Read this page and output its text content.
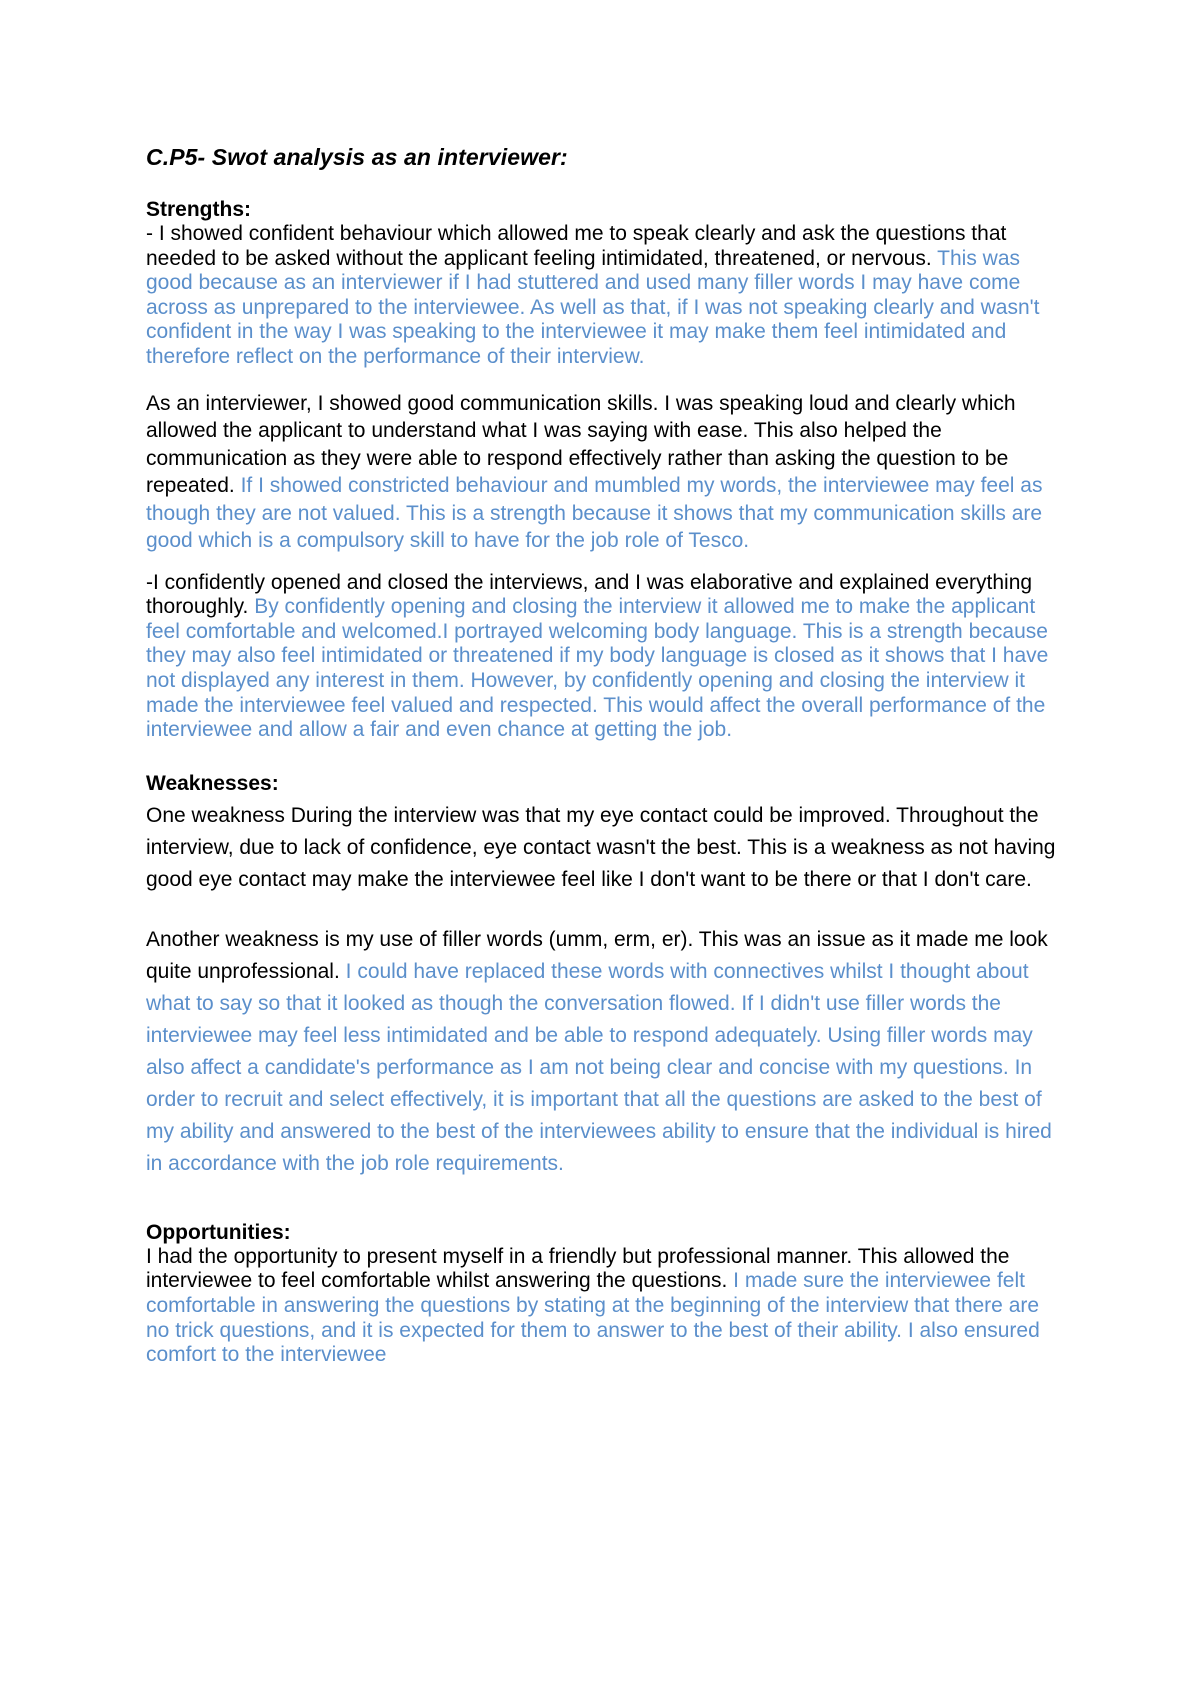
C.P5- Swot analysis as an interviewer:
Strengths:

- I showed confident behaviour which allowed me to speak clearly and ask the questions that needed to be asked without the applicant feeling intimidated, threatened, or nervous. This was good because as an interviewer if I had stuttered and used many filler words I may have come across as unprepared to the interviewee. As well as that, if I was not speaking clearly and wasn't confident in the way I was speaking to the interviewee it may make them feel intimidated and therefore reflect on the performance of their interview.

As an interviewer, I showed good communication skills. I was speaking loud and clearly which allowed the applicant to understand what I was saying with ease. This also helped the communication as they were able to respond effectively rather than asking the question to be repeated. If I showed constricted behaviour and mumbled my words, the interviewee may feel as though they are not valued. This is a strength because it shows that my communication skills are good which is a compulsory skill to have for the job role of Tesco.

-I confidently opened and closed the interviews, and I was elaborative and explained everything thoroughly. By confidently opening and closing the interview it allowed me to make the applicant feel comfortable and welcomed.I portrayed welcoming body language. This is a strength because they may also feel intimidated or threatened if my body language is closed as it shows that I have not displayed any interest in them. However, by confidently opening and closing the interview it made the interviewee feel valued and respected. This would affect the overall performance of the interviewee and allow a fair and even chance at getting the job.

Weaknesses:

One weakness During the interview was that my eye contact could be improved. Throughout the interview, due to lack of confidence, eye contact wasn't the best. This is a weakness as not having good eye contact may make the interviewee feel like I don't want to be there or that I don't care.

Another weakness is my use of filler words (umm, erm, er). This was an issue as it made me look quite unprofessional. I could have replaced these words with connectives whilst I thought about what to say so that it looked as though the conversation flowed. If I didn't use filler words the interviewee may feel less intimidated and be able to respond adequately. Using filler words may also affect a candidate's performance as I am not being clear and concise with my questions. In order to recruit and select effectively, it is important that all the questions are asked to the best of my ability and answered to the best of the interviewees ability to ensure that the individual is hired in accordance with the job role requirements.

Opportunities:

I had the opportunity to present myself in a friendly but professional manner. This allowed the interviewee to feel comfortable whilst answering the questions. I made sure the interviewee felt comfortable in answering the questions by stating at the beginning of the interview that there are no trick questions, and it is expected for them to answer to the best of their ability. I also ensured comfort to the interviewee
